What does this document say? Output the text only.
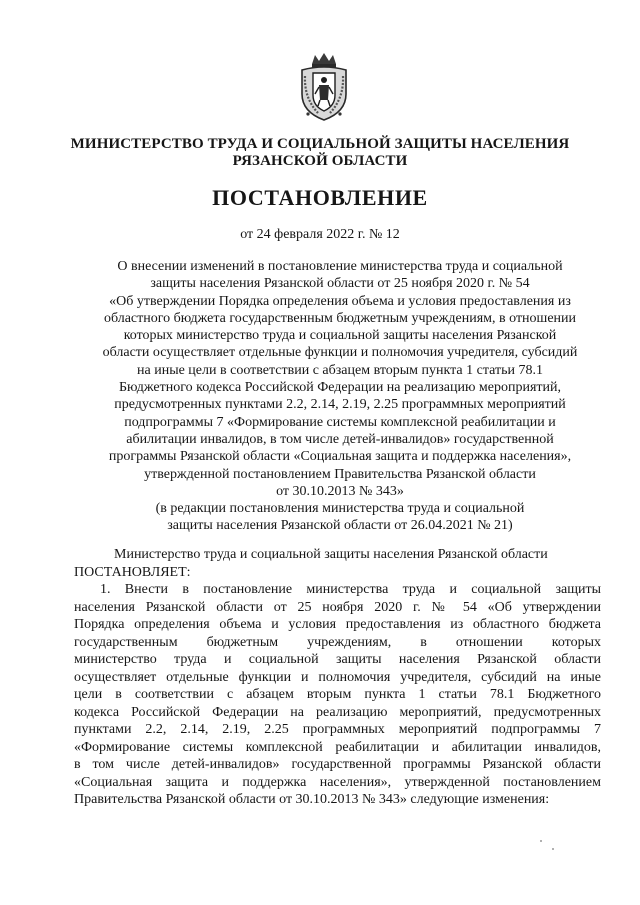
МИНИСТЕРСТВО ТРУДА И СОЦИАЛЬНОЙ ЗАЩИТЫ НАСЕЛЕНИЯ
РЯЗАНСКОЙ ОБЛАСТИ
ПОСТАНОВЛЕНИЕ
от 24 февраля 2022 г. № 12
О внесении изменений в постановление министерства труда и социальной
защиты населения Рязанской области от 25 ноября 2020 г. № 54
«Об утверждении Порядка определения объема и условия предоставления из
областного бюджета государственным бюджетным учреждениям, в отношении
которых министерство труда и социальной защиты населения Рязанской
области осуществляет отдельные функции и полномочия учредителя, субсидий
на иные цели в соответствии с абзацем вторым пункта 1 статьи 78.1
Бюджетного кодекса Российской Федерации на реализацию мероприятий,
предусмотренных пунктами 2.2, 2.14, 2.19, 2.25 программных мероприятий
подпрограммы 7 «Формирование системы комплексной реабилитации и
абилитации инвалидов, в том числе детей-инвалидов» государственной
программы Рязанской области «Социальная защита и поддержка населения»,
утвержденной постановлением Правительства Рязанской области
от 30.10.2013 № 343»
(в редакции постановления министерства труда и социальной
защиты населения Рязанской области от 26.04.2021 № 21)
Министерство труда и социальной защиты населения Рязанской области
ПОСТАНОВЛЯЕТ:
1. Внести в постановление министерства труда и социальной защиты
населения Рязанской области от 25 ноября 2020 г. № 54 «Об утверждении
Порядка определения объема и условия предоставления из областного бюджета
государственным бюджетным учреждениям, в отношении которых
министерство труда и социальной защиты населения Рязанской области
осуществляет отдельные функции и полномочия учредителя, субсидий на иные
цели в соответствии с абзацем вторым пункта 1 статьи 78.1 Бюджетного
кодекса Российской Федерации на реализацию мероприятий, предусмотренных
пунктами 2.2, 2.14, 2.19, 2.25 программных мероприятий подпрограммы 7
«Формирование системы комплексной реабилитации и абилитации инвалидов,
в том числе детей-инвалидов» государственной программы Рязанской области
«Социальная защита и поддержка населения», утвержденной постановлением
Правительства Рязанской области от 30.10.2013 № 343» следующие изменения:
